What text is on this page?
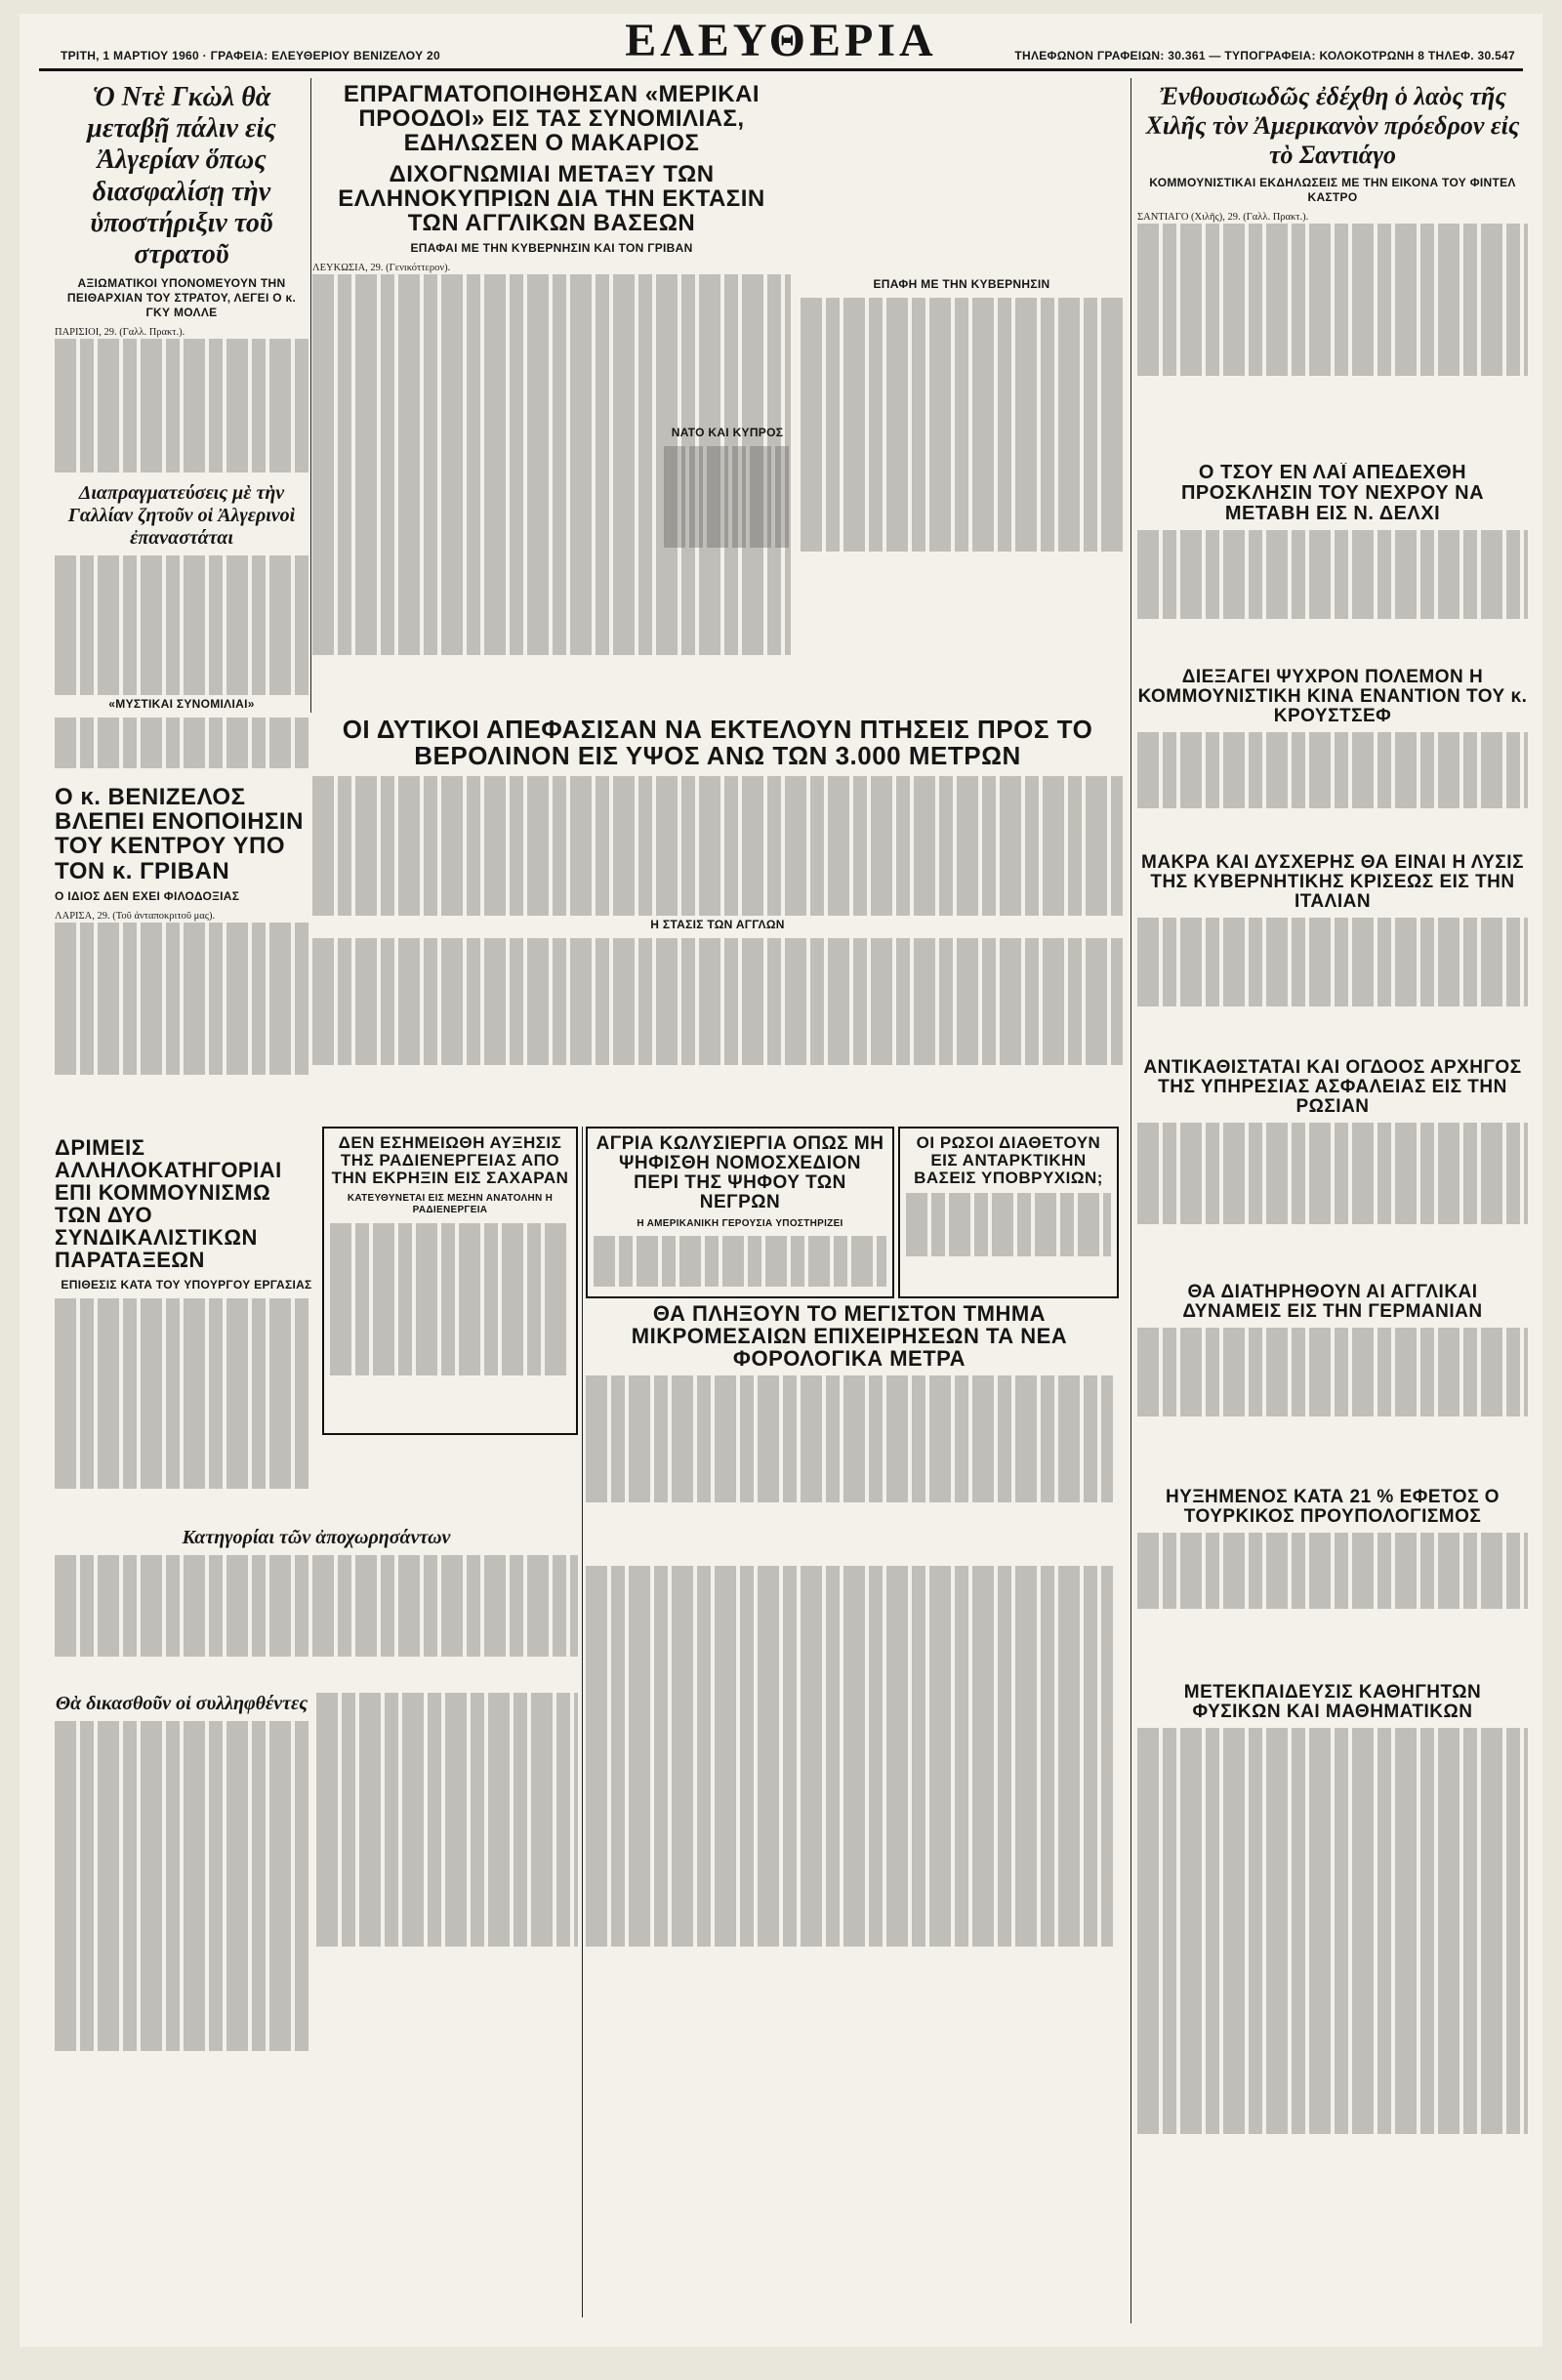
ΤΡΙΤΗ, 1 ΜΑΡΤΙΟΥ 1960 · ΓΡΑΦΕΙΑ: ΕΛΕΥΘΕΡΙΟΥ ΒΕΝΙΖΕΛΟΥ 20	ΕΛΕΥΘΕΡΙΑ	ΤΗΛΕΦΩΝΟΝ ΓΡΑΦΕΙΩΝ: 30.361 — ΤΥΠΟΓΡΑΦΕΙΑ: ΚΟΛΟΚΟΤΡΩΝΗ 8 ΤΗΛΕΦ. 30.547
Ὁ Ντὲ Γκὼλ θὰ μεταβῇ πάλιν εἰς Ἀλγερίαν ὅπως διασφαλίσῃ τὴν ὑποστήριξιν τοῦ στρατοῦ
ΑΞΙΩΜΑΤΙΚΟΙ ΥΠΟΝΟΜΕΥΟΥΝ ΤΗΝ ΠΕΙΘΑΡΧΙΑΝ ΤΟΥ ΣΤΡΑΤΟΥ, ΛΕΓΕΙ Ο κ. ΓΚΥ ΜΟΛΛΕ
ΠΑΡΙΣΙΟΙ, 29. (Γαλλ. Πρακτ.).
Διαπραγματεύσεις μὲ τὴν Γαλλίαν ζητοῦν οἱ Ἀλγερινοὶ ἐπαναστάται
«ΜΥΣΤΙΚΑΙ ΣΥΝΟΜΙΛΙΑΙ»
Ο κ. ΒΕΝΙΖΕΛΟΣ ΒΛΕΠΕΙ ΕΝΟΠΟΙΗΣΙΝ ΤΟΥ ΚΕΝΤΡΟΥ ΥΠΟ ΤΟΝ κ. ΓΡΙΒΑΝ
Ο ΙΔΙΟΣ ΔΕΝ ΕΧΕΙ ΦΙΛΟΔΟΞΙΑΣ
ΛΑΡΙΣΑ, 29. (Τοῦ ἀνταποκριτοῦ μας).
ΔΡΙΜΕΙΣ ΑΛΛΗΛΟΚΑΤΗΓΟΡΙΑΙ ΕΠΙ ΚΟΜΜΟΥΝΙΣΜΩ ΤΩΝ ΔΥΟ ΣΥΝΔΙΚΑΛΙΣΤΙΚΩΝ ΠΑΡΑΤΑΞΕΩΝ
ΕΠΙΘΕΣΙΣ ΚΑΤΑ ΤΟΥ ΥΠΟΥΡΓΟΥ ΕΡΓΑΣΙΑΣ
Κατηγορίαι τῶν ἀποχωρησάντων
Θὰ δικασθοῦν οἱ συλληφθέντες
ΕΠΡΑΓΜΑΤΟΠΟΙΗΘΗΣΑΝ «ΜΕΡΙΚΑΙ ΠΡΟΟΔΟΙ» ΕΙΣ ΤΑΣ ΣΥΝΟΜΙΛΙΑΣ, ΕΔΗΛΩΣΕΝ Ο ΜΑΚΑΡΙΟΣ
ΔΙΧΟΓΝΩΜΙΑΙ ΜΕΤΑΞΥ ΤΩΝ ΕΛΛΗΝΟΚΥΠΡΙΩΝ ΔΙΑ ΤΗΝ ΕΚΤΑΣΙΝ ΤΩΝ ΑΓΓΛΙΚΩΝ ΒΑΣΕΩΝ
ΕΠΑΦΑΙ ΜΕ ΤΗΝ ΚΥΒΕΡΝΗΣΙΝ ΚΑΙ ΤΟΝ ΓΡΙΒΑΝ
ΛΕΥΚΩΣΙΑ, 29. (Γενικόττερον).
ΝΑΤΟ ΚΑΙ ΚΥΠΡΟΣ
ΕΠΑΦΗ ΜΕ ΤΗΝ ΚΥΒΕΡΝΗΣΙΝ
ΟΙ ΔΥΤΙΚΟΙ ΑΠΕΦΑΣΙΣΑΝ ΝΑ ΕΚΤΕΛΟΥΝ ΠΤΗΣΕΙΣ ΠΡΟΣ ΤΟ ΒΕΡΟΛΙΝΟΝ ΕΙΣ ΥΨΟΣ ΑΝΩ ΤΩΝ 3.000 ΜΕΤΡΩΝ
Η ΣΤΑΣΙΣ ΤΩΝ ΑΓΓΛΩΝ
ΔΕΝ ΕΣΗΜΕΙΩΘΗ ΑΥΞΗΣΙΣ ΤΗΣ ΡΑΔΙΕΝΕΡΓΕΙΑΣ ΑΠΟ ΤΗΝ ΕΚΡΗΞΙΝ ΕΙΣ ΣΑΧΑΡΑΝ
ΚΑΤΕΥΘΥΝΕΤΑΙ ΕΙΣ ΜΕΣΗΝ ΑΝΑΤΟΛΗΝ Η ΡΑΔΙΕΝΕΡΓΕΙΑ
ΑΓΡΙΑ ΚΩΛΥΣΙΕΡΓΙΑ ΟΠΩΣ ΜΗ ΨΗΦΙΣΘΗ ΝΟΜΟΣΧΕΔΙΟΝ ΠΕΡΙ ΤΗΣ ΨΗΦΟΥ ΤΩΝ ΝΕΓΡΩΝ
Η ΑΜΕΡΙΚΑΝΙΚΗ ΓΕΡΟΥΣΙΑ ΥΠΟΣΤΗΡΙΖΕΙ
ΟΙ ΡΩΣΟΙ ΔΙΑΘΕΤΟΥΝ ΕΙΣ ΑΝΤΑΡΚΤΙΚΗΝ ΒΑΣΕΙΣ ΥΠΟΒΡΥΧΙΩΝ;
ΘΑ ΠΛΗΞΟΥΝ ΤΟ ΜΕΓΙΣΤΟΝ ΤΜΗΜΑ ΜΙΚΡΟΜΕΣΑΙΩΝ ΕΠΙΧΕΙΡΗΣΕΩΝ ΤΑ ΝΕΑ ΦΟΡΟΛΟΓΙΚΑ ΜΕΤΡΑ
Ἐνθουσιωδῶς ἐδέχθη ὁ λαὸς τῆς Χιλῆς τὸν Ἀμερικανὸν πρόεδρον εἰς τὸ Σαντιάγο
ΚΟΜΜΟΥΝΙΣΤΙΚΑΙ ΕΚΔΗΛΩΣΕΙΣ ΜΕ ΤΗΝ ΕΙΚΟΝΑ ΤΟΥ ΦΙΝΤΕΛ ΚΑΣΤΡΟ
ΣΑΝΤΙΑΓΟ (Χιλῆς), 29. (Γαλλ. Πρακτ.).
Ο ΤΣΟΥ ΕΝ ΛΑΪ ΑΠΕΔΕΧΘΗ ΠΡΟΣΚΛΗΣΙΝ ΤΟΥ ΝΕΧΡΟΥ ΝΑ ΜΕΤΑΒΗ ΕΙΣ Ν. ΔΕΛΧΙ
ΔΙΕΞΑΓΕΙ ΨΥΧΡΟΝ ΠΟΛΕΜΟΝ Η ΚΟΜΜΟΥΝΙΣΤΙΚΗ ΚΙΝΑ ΕΝΑΝΤΙΟΝ ΤΟΥ κ. ΚΡΟΥΣΤΣΕΦ
ΜΑΚΡΑ ΚΑΙ ΔΥΣΧΕΡΗΣ ΘΑ ΕΙΝΑΙ Η ΛΥΣΙΣ ΤΗΣ ΚΥΒΕΡΝΗΤΙΚΗΣ ΚΡΙΣΕΩΣ ΕΙΣ ΤΗΝ ΙΤΑΛΙΑΝ
ΑΝΤΙΚΑΘΙΣΤΑΤΑΙ ΚΑΙ ΟΓΔΟΟΣ ΑΡΧΗΓΟΣ ΤΗΣ ΥΠΗΡΕΣΙΑΣ ΑΣΦΑΛΕΙΑΣ ΕΙΣ ΤΗΝ ΡΩΣΙΑΝ
ΘΑ ΔΙΑΤΗΡΗΘΟΥΝ ΑΙ ΑΓΓΛΙΚΑΙ ΔΥΝΑΜΕΙΣ ΕΙΣ ΤΗΝ ΓΕΡΜΑΝΙΑΝ
ΗΥΞΗΜΕΝΟΣ ΚΑΤΑ 21 % ΕΦΕΤΟΣ Ο ΤΟΥΡΚΙΚΟΣ ΠΡΟΥΠΟΛΟΓΙΣΜΟΣ
ΜΕΤΕΚΠΑΙΔΕΥΣΙΣ ΚΑΘΗΓΗΤΩΝ ΦΥΣΙΚΩΝ ΚΑΙ ΜΑΘΗΜΑΤΙΚΩΝ
